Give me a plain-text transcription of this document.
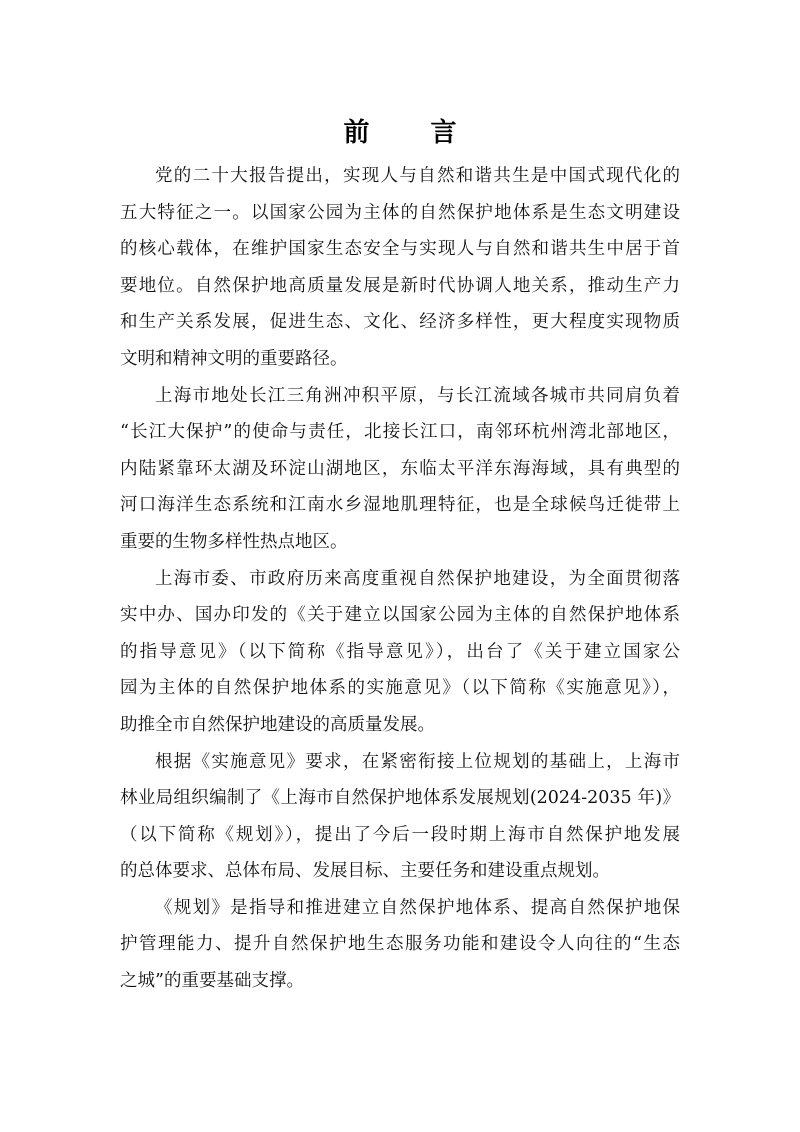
前 言
党的二十大报告提出，实现人与自然和谐共生是中国式现代化的
五大特征之一。以国家公园为主体的自然保护地体系是生态文明建设
的核心载体，在维护国家生态安全与实现人与自然和谐共生中居于首
要地位。自然保护地高质量发展是新时代协调人地关系，推动生产力
和生产关系发展，促进生态、文化、经济多样性，更大程度实现物质
文明和精神文明的重要路径。
上海市地处长江三角洲冲积平原，与长江流域各城市共同肩负着
“长江大保护”的使命与责任，北接长江口，南邻环杭州湾北部地区，
内陆紧靠环太湖及环淀山湖地区，东临太平洋东海海域，具有典型的
河口海洋生态系统和江南水乡湿地肌理特征，也是全球候鸟迁徙带上
重要的生物多样性热点地区。
上海市委、市政府历来高度重视自然保护地建设，为全面贯彻落
实中办、国办印发的《关于建立以国家公园为主体的自然保护地体系
的指导意见》（以下简称《指导意见》），出台了《关于建立国家公
园为主体的自然保护地体系的实施意见》（以下简称《实施意见》），
助推全市自然保护地建设的高质量发展。
根据《实施意见》要求，在紧密衔接上位规划的基础上，上海市
林业局组织编制了《上海市自然保护地体系发展规划(2024-2035 年)》
（以下简称《规划》），提出了今后一段时期上海市自然保护地发展
的总体要求、总体布局、发展目标、主要任务和建设重点规划。
《规划》是指导和推进建立自然保护地体系、提高自然保护地保
护管理能力、提升自然保护地生态服务功能和建设令人向往的“生态
之城”的重要基础支撑。
